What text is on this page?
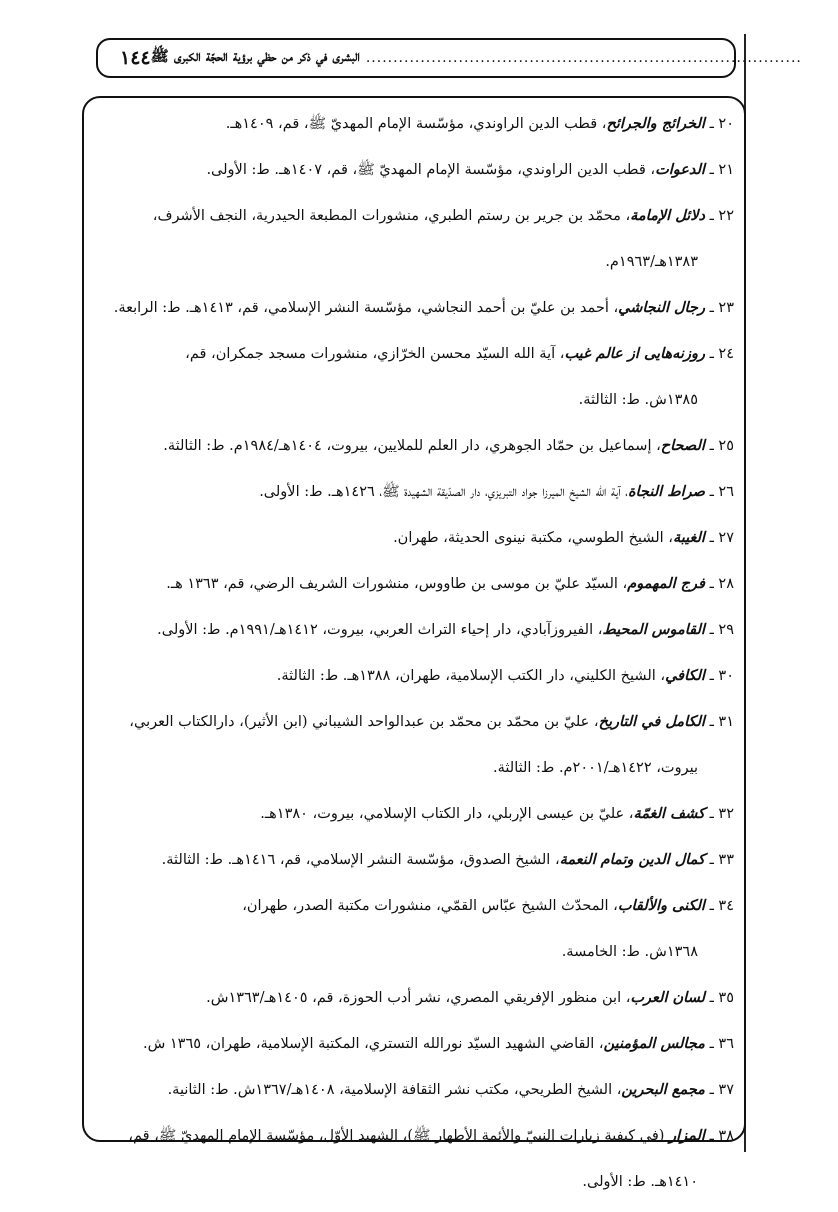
١٤٤ البشرى في ذكر من حظي برؤية الحجّة الكبرى ﷺ ................................................................................

٢٠ ـ الخرائج والجرائح، قطب الدين الراوندي، مؤسّسة الإمام المهديّ ﷺ، قم، ١٤٠٩هـ.

٢١ ـ الدعوات، قطب الدين الراوندي، مؤسّسة الإمام المهديّ ﷺ، قم، ١٤٠٧هـ. ط: الأولى.

٢٢ ـ دلائل الإمامة، محمّد بن جرير بن رستم الطبري، منشورات المطبعة الحيدرية، النجف الأشرف،
١٣٨٣هـ/١٩٦٣م.

٢٣ ـ رجال النجاشي، أحمد بن عليّ بن أحمد النجاشي، مؤسّسة النشر الإسلامي، قم، ١٤١٣هـ. ط: الرابعة.

٢٤ ـ روزنه‌هايى از عالم غيب، آية الله السيّد محسن الخرّازي، منشورات مسجد جمكران، قم،
١٣٨٥ش. ط: الثالثة.

٢٥ ـ الصحاح، إسماعيل بن حمّاد الجوهري، دار العلم للملايين، بيروت، ١٤٠٤هـ/١٩٨٤م. ط: الثالثة.

٢٦ ـ صراط النجاة، آية الله الشيخ الميرزا جواد التبريزي، دار الصدّيقة الشهيدة ﷺ، ١٤٢٦هـ. ط: الأولى.

٢٧ ـ الغيبة، الشيخ الطوسي، مكتبة نينوى الحديثة، طهران.

٢٨ ـ فرج المهموم، السيّد عليّ بن موسى بن طاووس، منشورات الشريف الرضي، قم، ١٣٦٣ هـ.

٢٩ ـ القاموس المحيط، الفيروزآبادي، دار إحياء التراث العربي، بيروت، ١٤١٢هـ/١٩٩١م. ط: الأولى.

٣٠ ـ الكافي، الشيخ الكليني، دار الكتب الإسلامية، طهران، ١٣٨٨هـ. ط: الثالثة.

٣١ ـ الكامل في التاريخ، عليّ بن محمّد بن محمّد بن عبدالواحد الشيباني (ابن الأثير)، دارالكتاب العربي،
بيروت، ١٤٢٢هـ/٢٠٠١م. ط: الثالثة.

٣٢ ـ كشف الغمّة، عليّ بن عيسى الإربلي، دار الكتاب الإسلامي، بيروت، ١٣٨٠هـ.

٣٣ ـ كمال الدين وتمام النعمة، الشيخ الصدوق، مؤسّسة النشر الإسلامي، قم، ١٤١٦هـ. ط: الثالثة.

٣٤ ـ الكنى والألقاب، المحدّث الشيخ عبّاس القمّي، منشورات مكتبة الصدر، طهران،
١٣٦٨ش. ط: الخامسة.

٣٥ ـ لسان العرب، ابن منظور الإفريقي المصري، نشر أدب الحوزة، قم، ١٤٠٥هـ/١٣٦٣ش.

٣٦ ـ مجالس المؤمنين، القاضي الشهيد السيّد نورالله التستري، المكتبة الإسلامية، طهران، ١٣٦٥ ش.

٣٧ ـ مجمع البحرين، الشيخ الطريحي، مكتب نشر الثقافة الإسلامية، ١٤٠٨هـ/١٣٦٧ش. ط: الثانية.

٣٨ ـ المزار (في كيفية زيارات النبيّ والأئمة الأطهار ﷺ)، الشهيد الأوّل، مؤسّسة الإمام المهديّ ﷺ، قم،
١٤١٠هـ. ط: الأولى.
